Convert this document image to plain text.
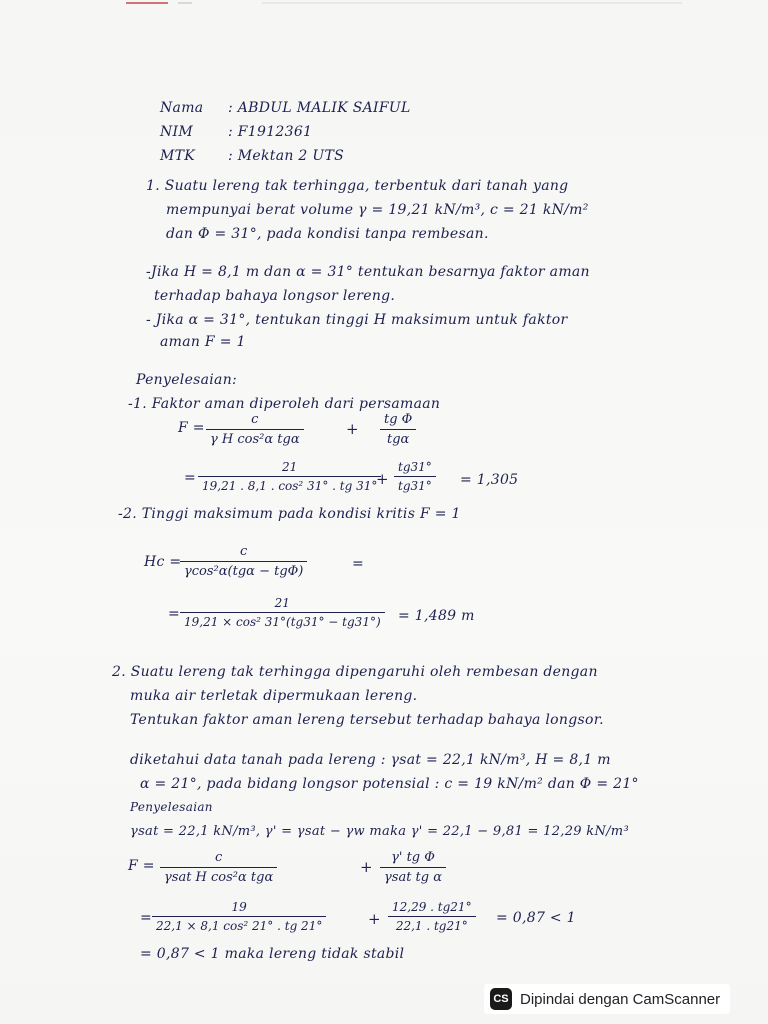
Nama : ABDUL MALIK SAIFUL
NIM : F1912361
MTK : Mektan 2 UTS
1. Suatu lereng tak terhingga, terbentuk dari tanah yang
mempunyai berat volume γ = 19,21 kN/m³, c = 21 kN/m²
dan Φ = 31°, pada kondisi tanpa rembesan.
-Jika H = 8,1 m dan α = 31° tentukan besarnya faktor aman
terhadap bahaya longsor lereng.
- Jika α = 31°, tentukan tinggi H maksimum untuk faktor
aman F = 1
Penyelesaian:
-1. Faktor aman diperoleh dari persamaan
F =
c
γ H cos²α tgα
+
tg Φ
tgα
=
21
19,21 . 8,1 . cos² 31° . tg 31°
+
tg31°
tg31° = 1,305
-2. Tinggi maksimum pada kondisi kritis F = 1
Hc =
c
γcos²α(tgα − tgΦ)	=
=
21
19,21 × cos² 31°(tg31° − tg31°) = 1,489 m
2. Suatu lereng tak terhingga dipengaruhi oleh rembesan dengan
muka air terletak dipermukaan lereng.
Tentukan faktor aman lereng tersebut terhadap bahaya longsor.
diketahui data tanah pada lereng : γsat = 22,1 kN/m³, H = 8,1 m
α = 21°, pada bidang longsor potensial : c = 19 kN/m² dan Φ = 21°
Penyelesaian
γsat = 22,1 kN/m³, γ' = γsat − γw maka γ' = 22,1 − 9,81 = 12,29 kN/m³
F =
c
γsat H cos²α tgα
+
γ' tg Φ
γsat tg α
=
19
22,1 × 8,1 cos² 21° . tg 21°	+
12,29 . tg21°
22,1 . tg21° = 0,87 < 1
= 0,87 < 1 maka lereng tidak stabil
CS Dipindai dengan CamScanner
